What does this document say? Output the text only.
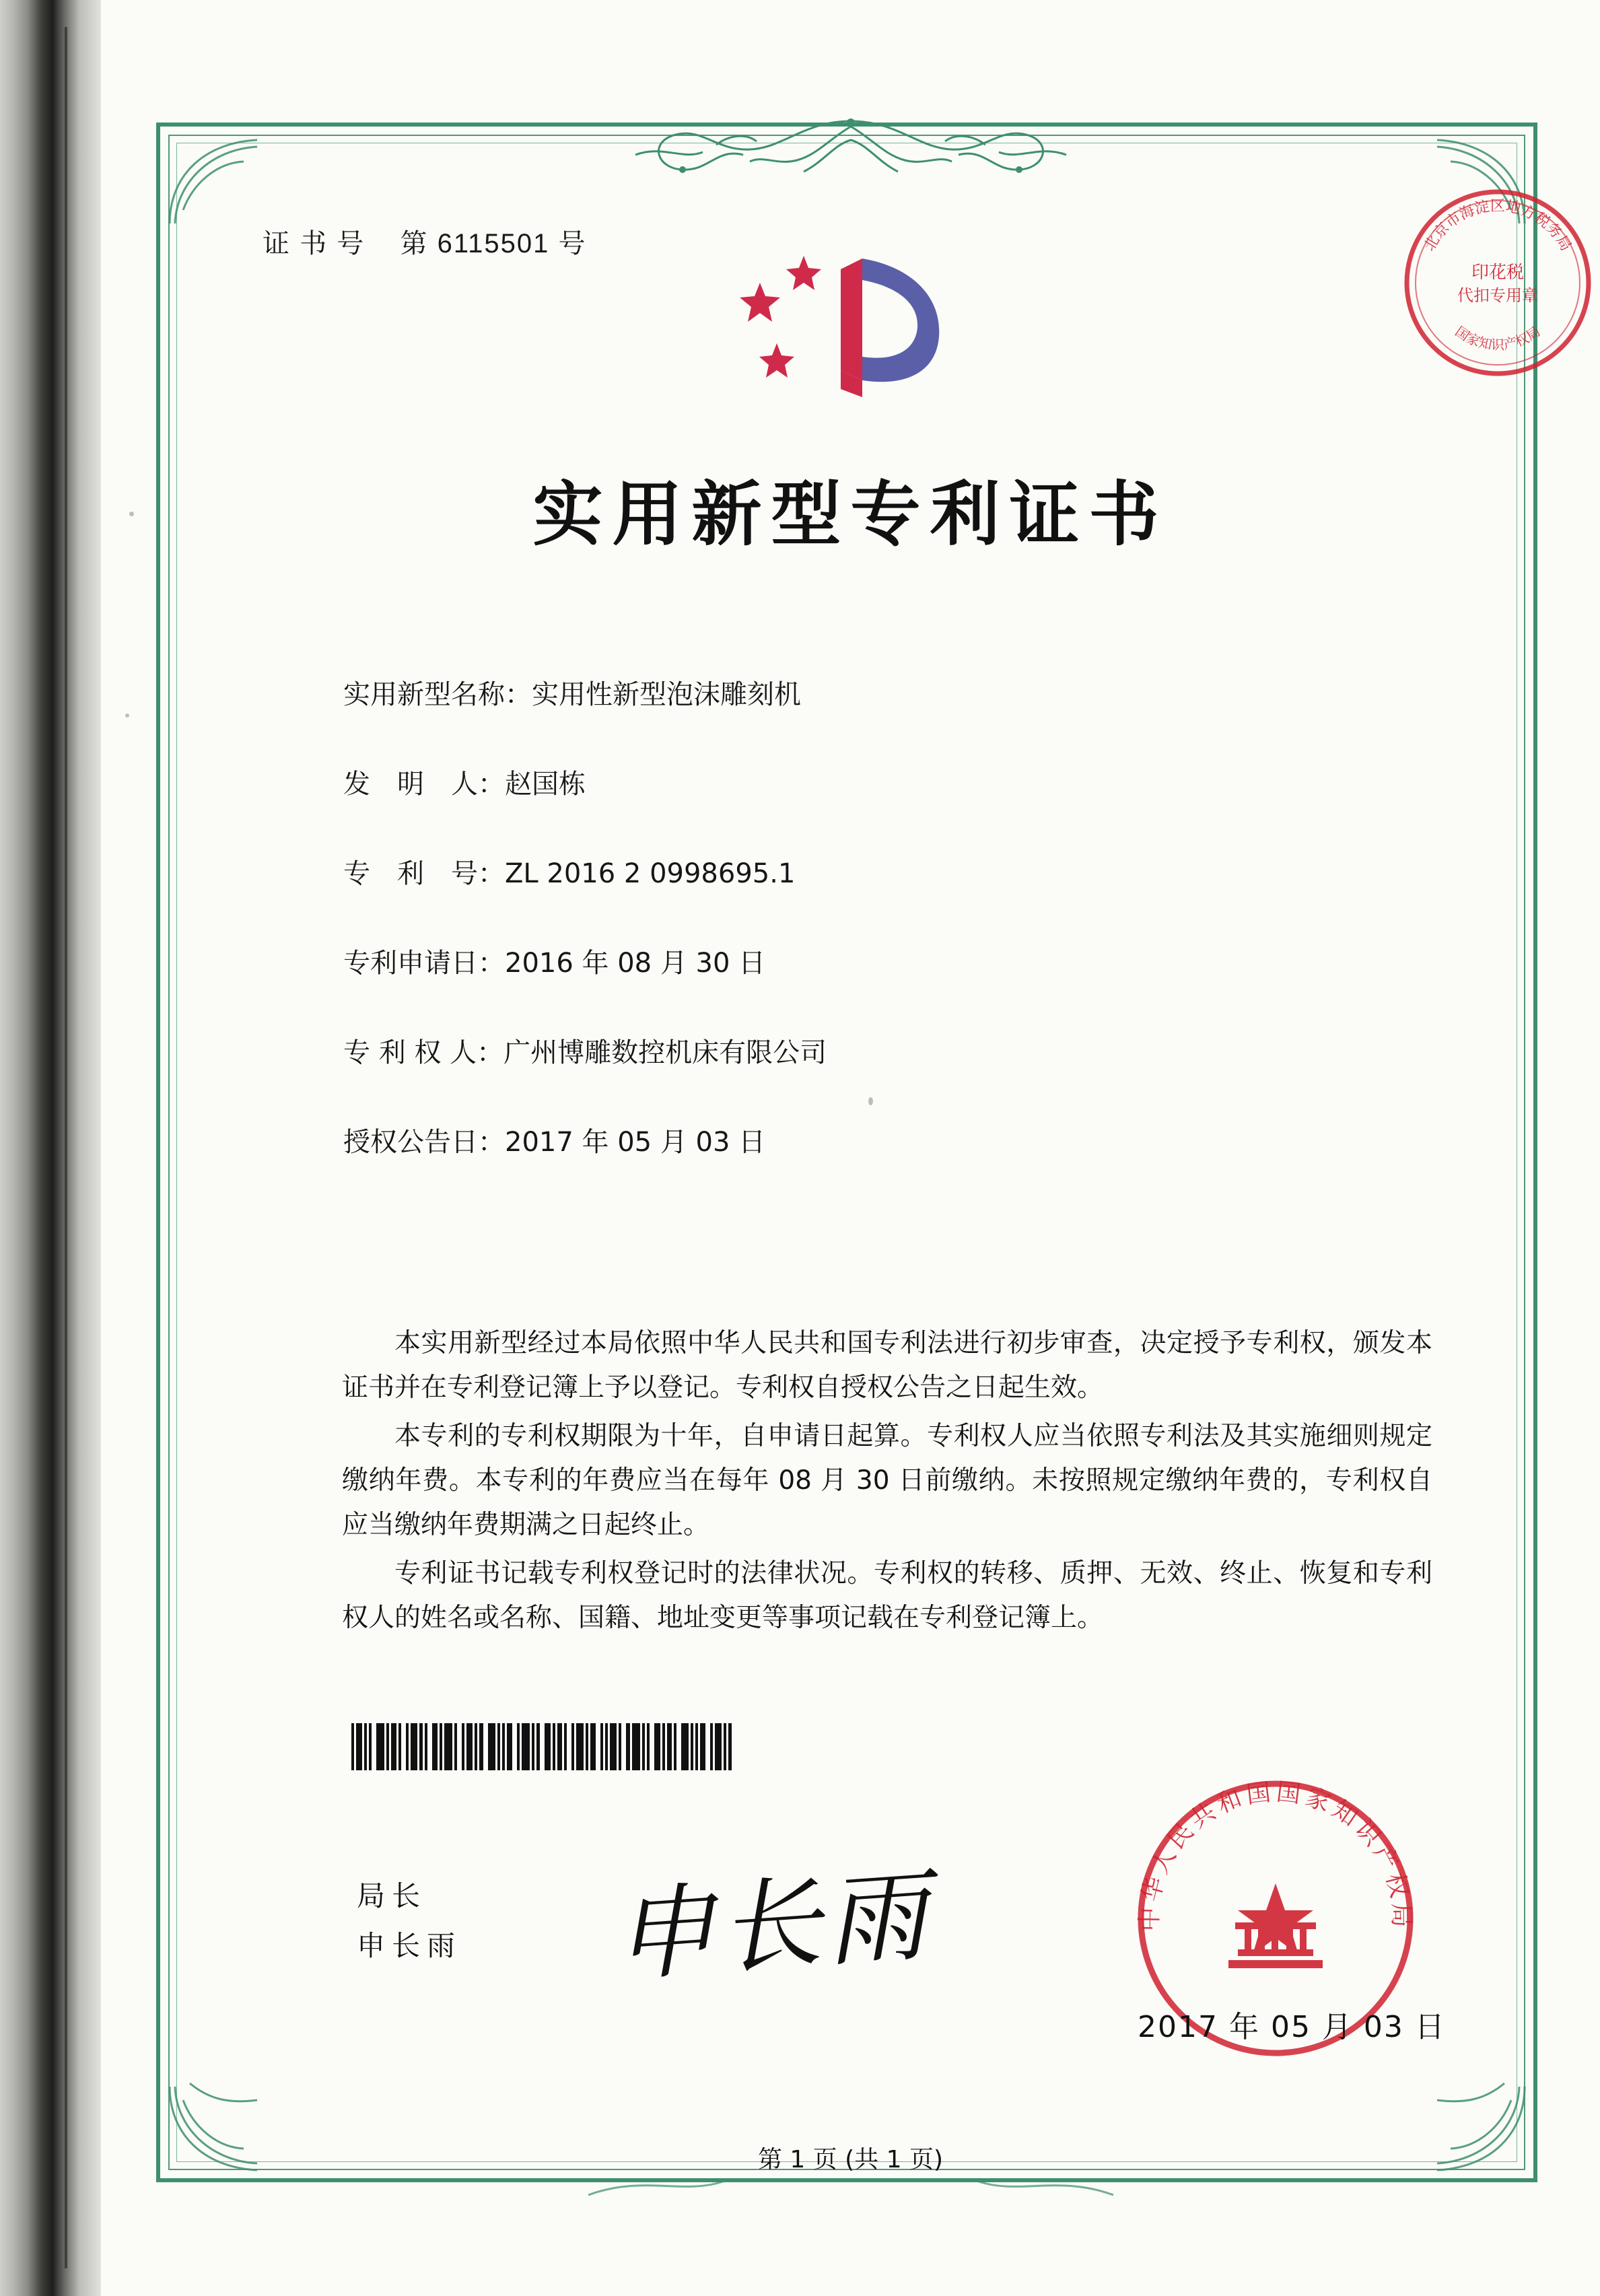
证 书 号 第 6115501 号
实用新型专利证书
实用新型名称：实用性新型泡沫雕刻机
发　明　人：赵国栋
专　利　号：ZL 2016 2 0998695.1
专利申请日：2016 年 08 月 30 日
专 利 权 人：广州博雕数控机床有限公司
授权公告日：2017 年 05 月 03 日

本实用新型经过本局依照中华人民共和国专利法进行初步审查，决定授予专利权，颁发本证书并在专利登记簿上予以登记。专利权自授权公告之日起生效。

本专利的专利权期限为十年，自申请日起算。专利权人应当依照专利法及其实施细则规定缴纳年费。本专利的年费应当在每年 08 月 30 日前缴纳。未按照规定缴纳年费的，专利权自应当缴纳年费期满之日起终止。

专利证书记载专利权登记时的法律状况。专利权的转移、质押、无效、终止、恢复和专利权人的姓名或名称、国籍、地址变更等事项记载在专利登记簿上。

局长
申长雨 申长雨
北京市海淀区地方税务局
国家知识产权局
印花税
代扣专用章
中华人民共和国国家知识产权局
2017 年 05 月 03 日
第 1 页 (共 1 页)
